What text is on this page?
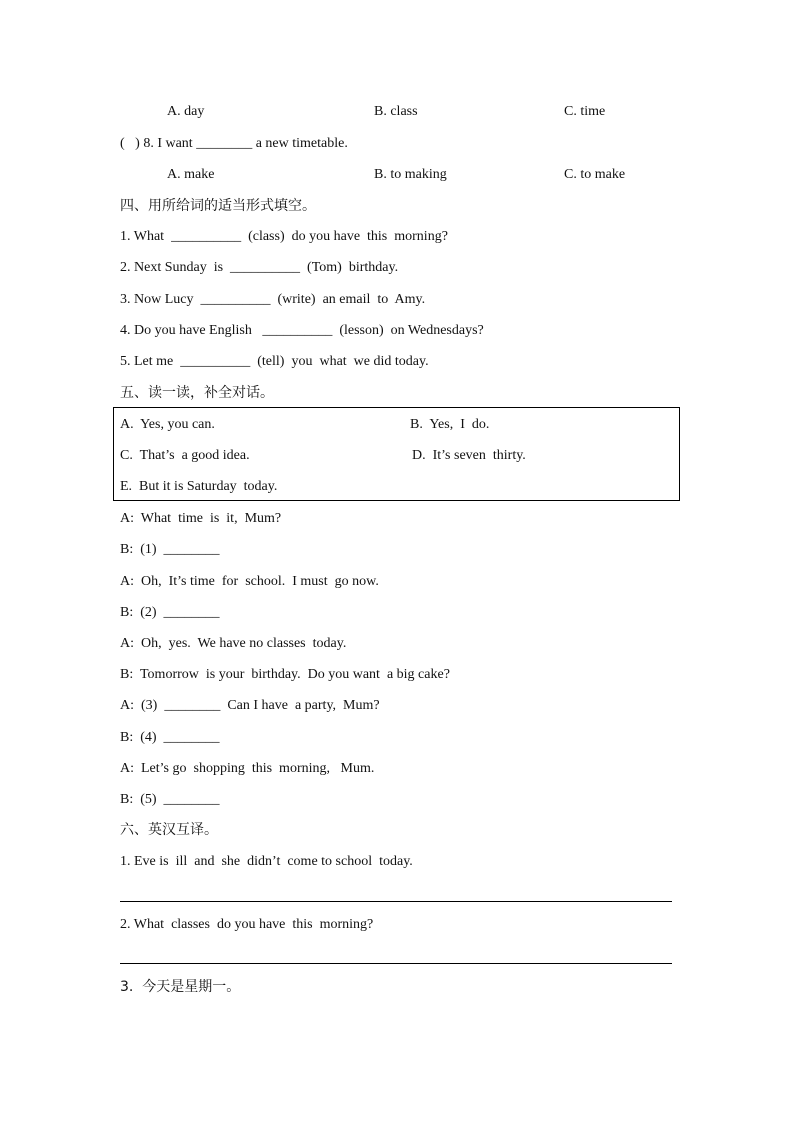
A. day	B. class	C. time
(   ) 8. I want ________ a new timetable.
A. make	B. to making	C. to make
四、用所给词的适当形式填空。
1. What  __________  (class)  do you have  this  morning?
2. Next Sunday  is  __________  (Tom)  birthday.
3. Now Lucy  __________  (write)  an email  to  Amy.
4. Do you have English   __________  (lesson)  on Wednesdays?
5. Let me  __________  (tell)  you  what  we did today.
五、读一读，补全对话。
A.  Yes, you can.	B.  Yes,  I  do.
C.  That’s  a good idea.	D.  It’s seven  thirty.
E.  But it is Saturday  today.
A:  What  time  is  it,  Mum?
B:  (1)  ________
A:  Oh,  It’s time  for  school.  I must  go now.
B:  (2)  ________
A:  Oh,  yes.  We have no classes  today.
B:  Tomorrow  is your  birthday.  Do you want  a big cake?
A:  (3)  ________  Can I have  a party,  Mum?
B:  (4)  ________
A:  Let’s go  shopping  this  morning,   Mum.
B:  (5)  ________
六、英汉互译。
1. Eve is  ill  and  she  didn’t  come to school  today.
2. What  classes  do you have  this  morning?
3.  今天是星期一。
